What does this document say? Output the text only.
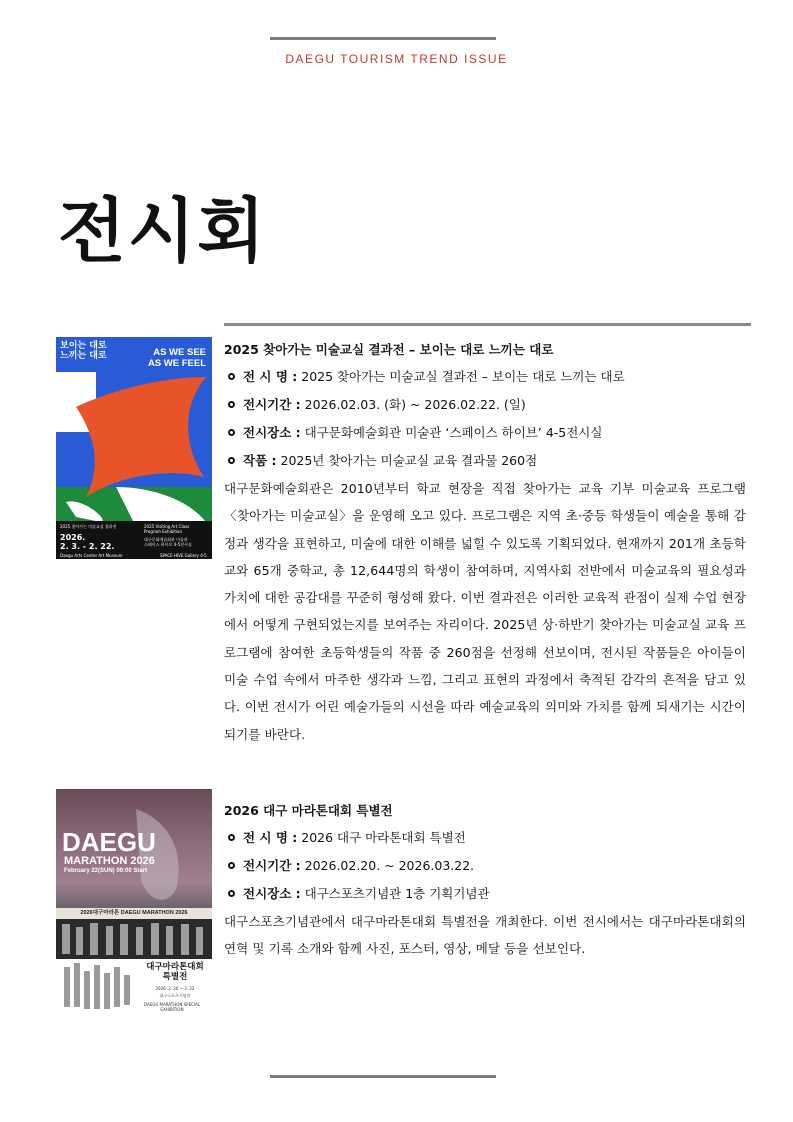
DAEGU TOURISM TREND ISSUE
전시회
보이는 대로
느끼는 대로	AS WE SEE
AS WE FEEL
2025 찾아가는 미술교실 결과전	2025 Visiting Art Class
Program Exhibition
2026.
2. 3. - 2. 22.
대구문화예술회관 미술관
스페이스 하이브 4-5전시실
Daegu Arts Center Art Museum	SPACE HIVE Gallery 4-5
2025 찾아가는 미술교실 결과전 – 보이는 대로 느끼는 대로
전 시 명 : 2025 찾아가는 미술교실 결과전 – 보이는 대로 느끼는 대로
전시기간 : 2026.02.03. (화) ~ 2026.02.22. (일)
전시장소 : 대구문화예술회관 미술관 ‘스페이스 하이브’ 4-5전시실
작품 : 2025년 찾아가는 미술교실 교육 결과물 260점
대구문화예술회관은 2010년부터 학교 현장을 직접 찾아가는 교육 기부 미술교육 프로그램 〈찾아가는 미술교실〉을 운영해 오고 있다. 프로그램은 지역 초·중등 학생들이 예술을 통해 감정과 생각을 표현하고, 미술에 대한 이해를 넓힐 수 있도록 기획되었다. 현재까지 201개 초등학교와 65개 중학교, 총 12,644명의 학생이 참여하며, 지역사회 전반에서 미술교육의 필요성과 가치에 대한 공감대를 꾸준히 형성해 왔다. 이번 결과전은 이러한 교육적 관점이 실제 수업 현장에서 어떻게 구현되었는지를 보여주는 자리이다. 2025년 상·하반기 찾아가는 미술교실 교육 프로그램에 참여한 초등학생들의 작품 중 260점을 선정해 선보이며, 전시된 작품들은 아이들이 미술 수업 속에서 마주한 생각과 느낌, 그리고 표현의 과정에서 축적된 감각의 흔적을 담고 있다. 이번 전시가 어린 예술가들의 시선을 따라 예술교육의 의미와 가치를 함께 되새기는 시간이 되기를 바란다.
DAEGU
MARATHON 2026
February 22(SUN) 09:00 Start
2026대구마라톤 DAEGU MARATHON 2026
대구마라톤대회
특별전
2026. 2. 20 ~ 3. 22
대구스포츠기념관
DAEGU MARATHON SPECIAL EXHIBITION
2026 대구 마라톤대회 특별전
전 시 명 : 2026 대구 마라톤대회 특별전
전시기간 : 2026.02.20. ~ 2026.03.22.
전시장소 : 대구스포츠기념관 1층 기획기념관
대구스포츠기념관에서 대구마라톤대회 특별전을 개최한다. 이번 전시에서는 대구마라톤대회의 연혁 및 기록 소개와 함께 사진, 포스터, 영상, 메달 등을 선보인다.
